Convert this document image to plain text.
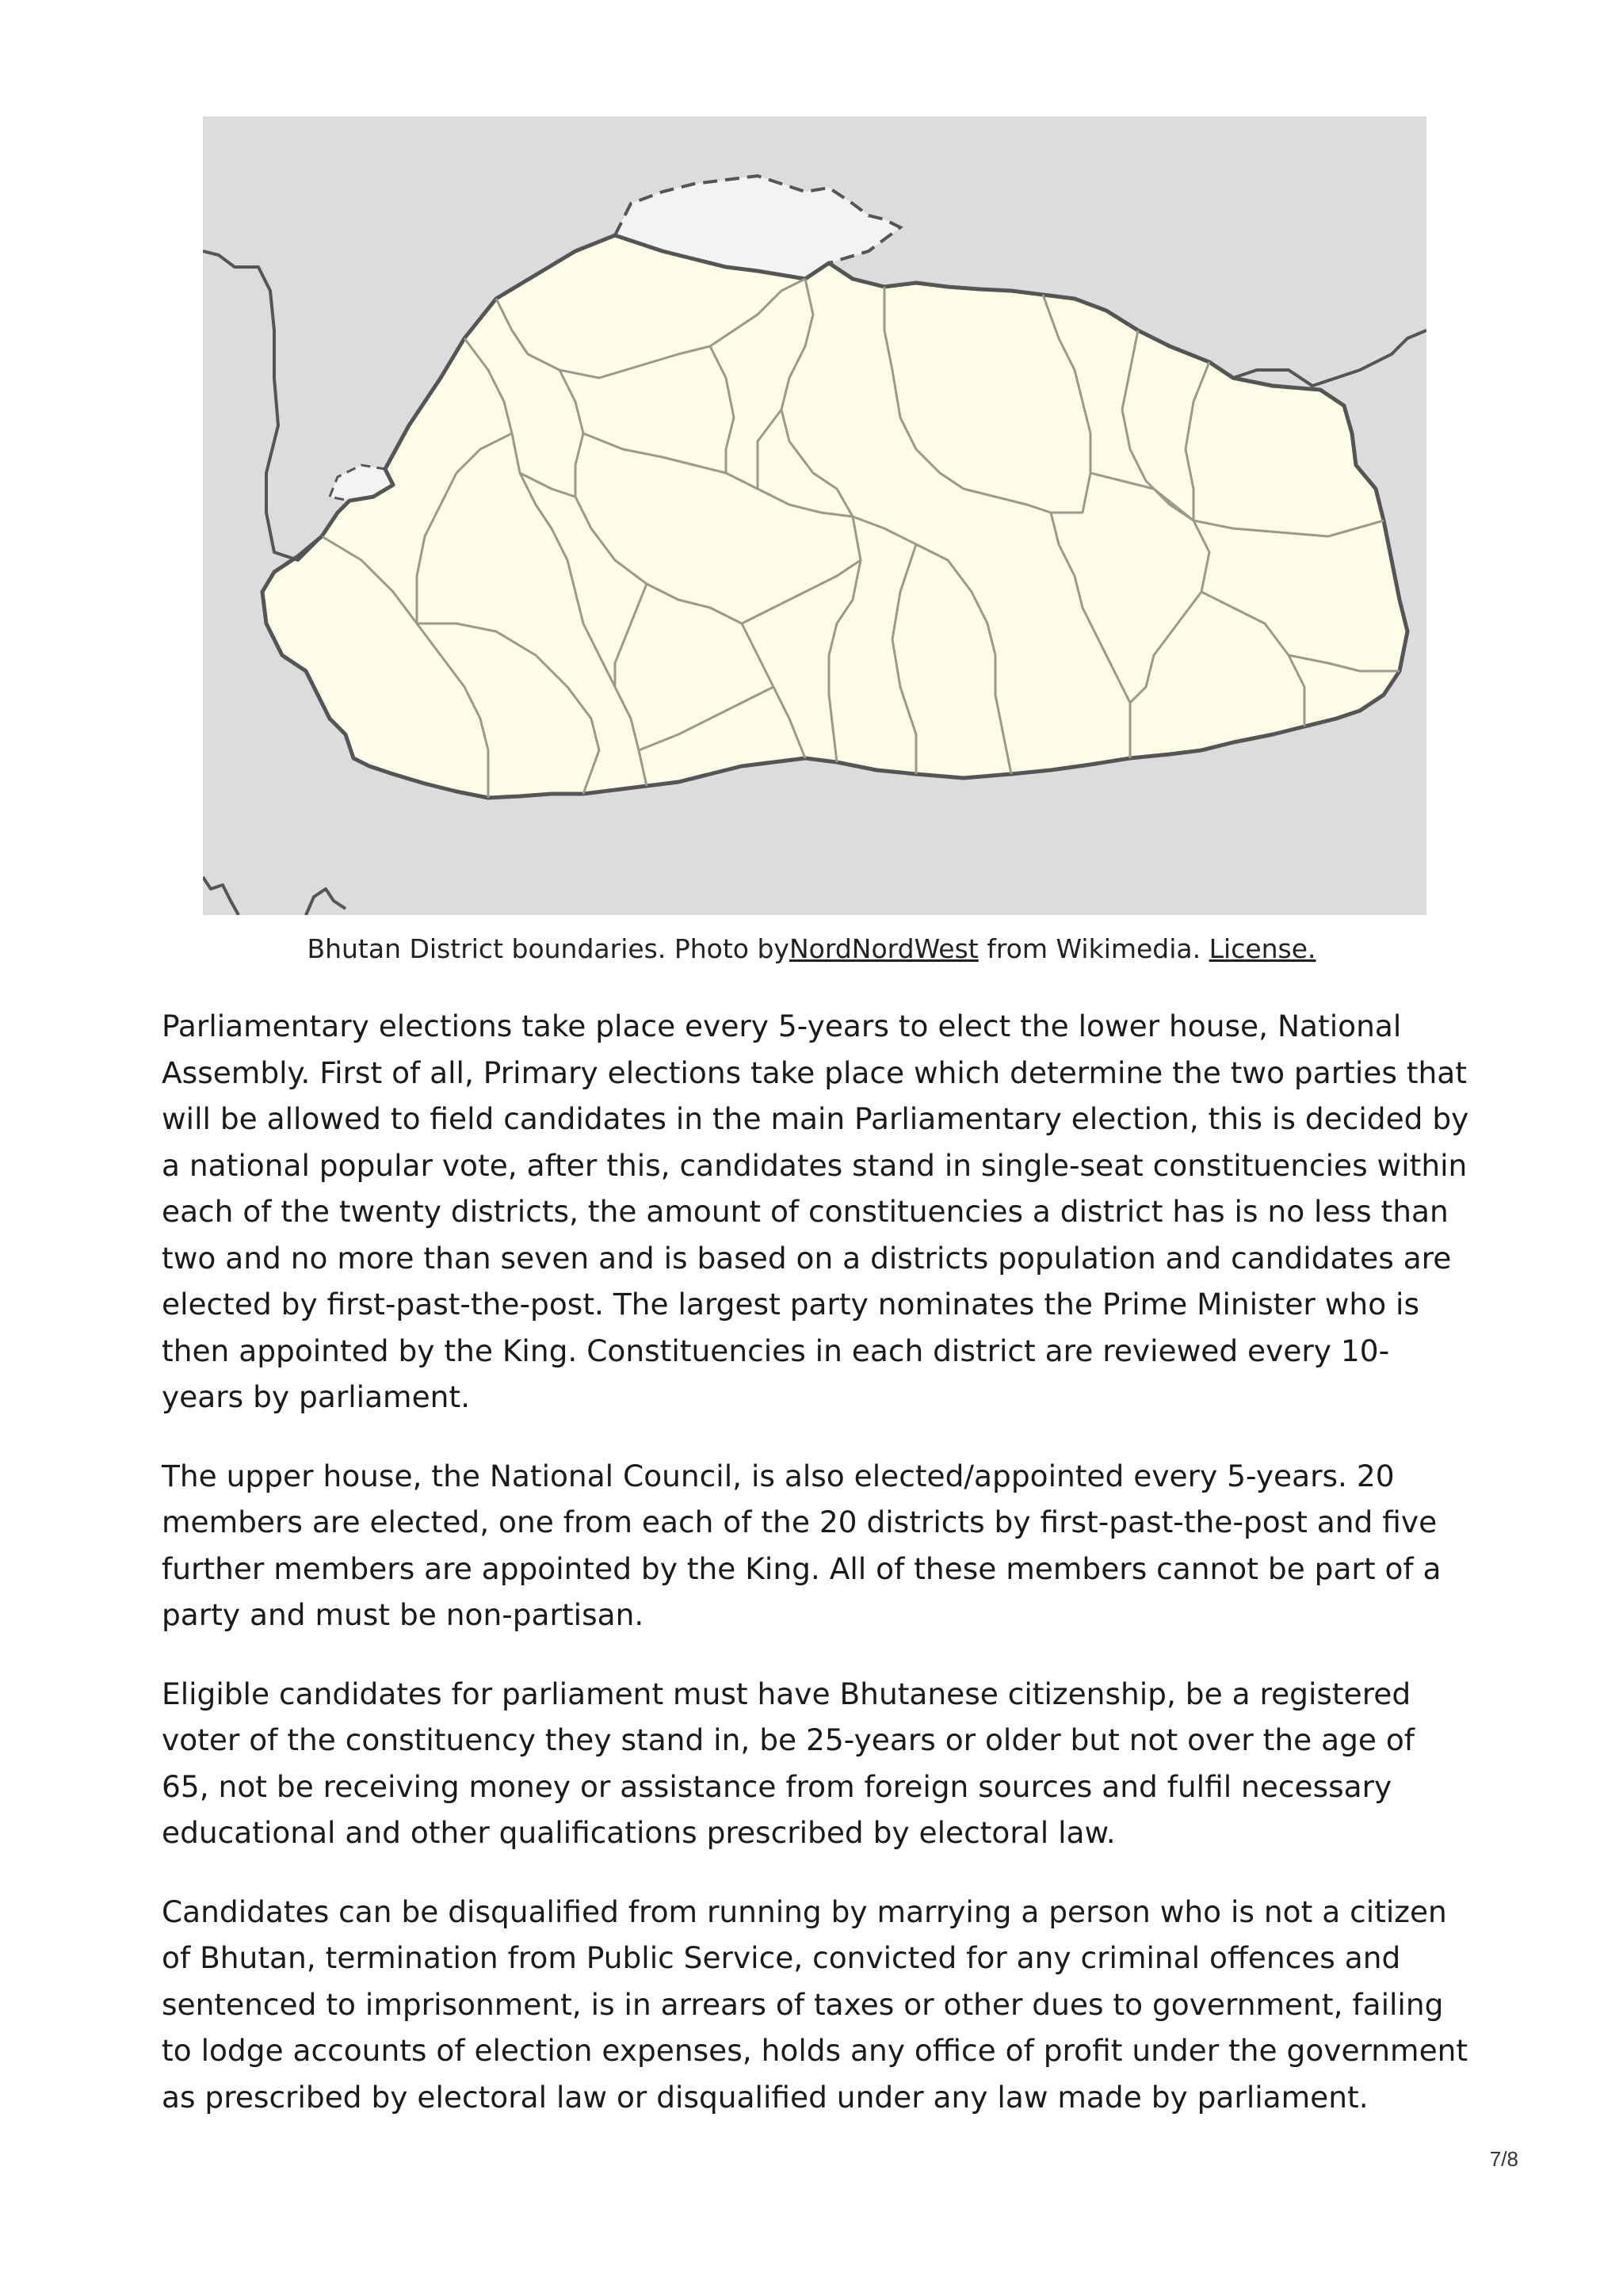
Bhutan District boundaries. Photo byNordNordWest from Wikimedia. License.

Parliamentary elections take place every 5-years to elect the lower house, National Assembly. First of all, Primary elections take place which determine the two parties that will be allowed to field candidates in the main Parliamentary election, this is decided by a national popular vote, after this, candidates stand in single-seat constituencies within each of the twenty districts, the amount of constituencies a district has is no less than two and no more than seven and is based on a districts population and candidates are elected by first-past-the-post. The largest party nominates the Prime Minister who is then appointed by the King. Constituencies in each district are reviewed every 10-years by parliament.

The upper house, the National Council, is also elected/appointed every 5-years. 20 members are elected, one from each of the 20 districts by first-past-the-post and five further members are appointed by the King. All of these members cannot be part of a party and must be non-partisan.

Eligible candidates for parliament must have Bhutanese citizenship, be a registered voter of the constituency they stand in, be 25-years or older but not over the age of 65, not be receiving money or assistance from foreign sources and fulfil necessary educational and other qualifications prescribed by electoral law.

Candidates can be disqualified from running by marrying a person who is not a citizen of Bhutan, termination from Public Service, convicted for any criminal offences and sentenced to imprisonment, is in arrears of taxes or other dues to government, failing to lodge accounts of election expenses, holds any office of profit under the government as prescribed by electoral law or disqualified under any law made by parliament.

7/8
